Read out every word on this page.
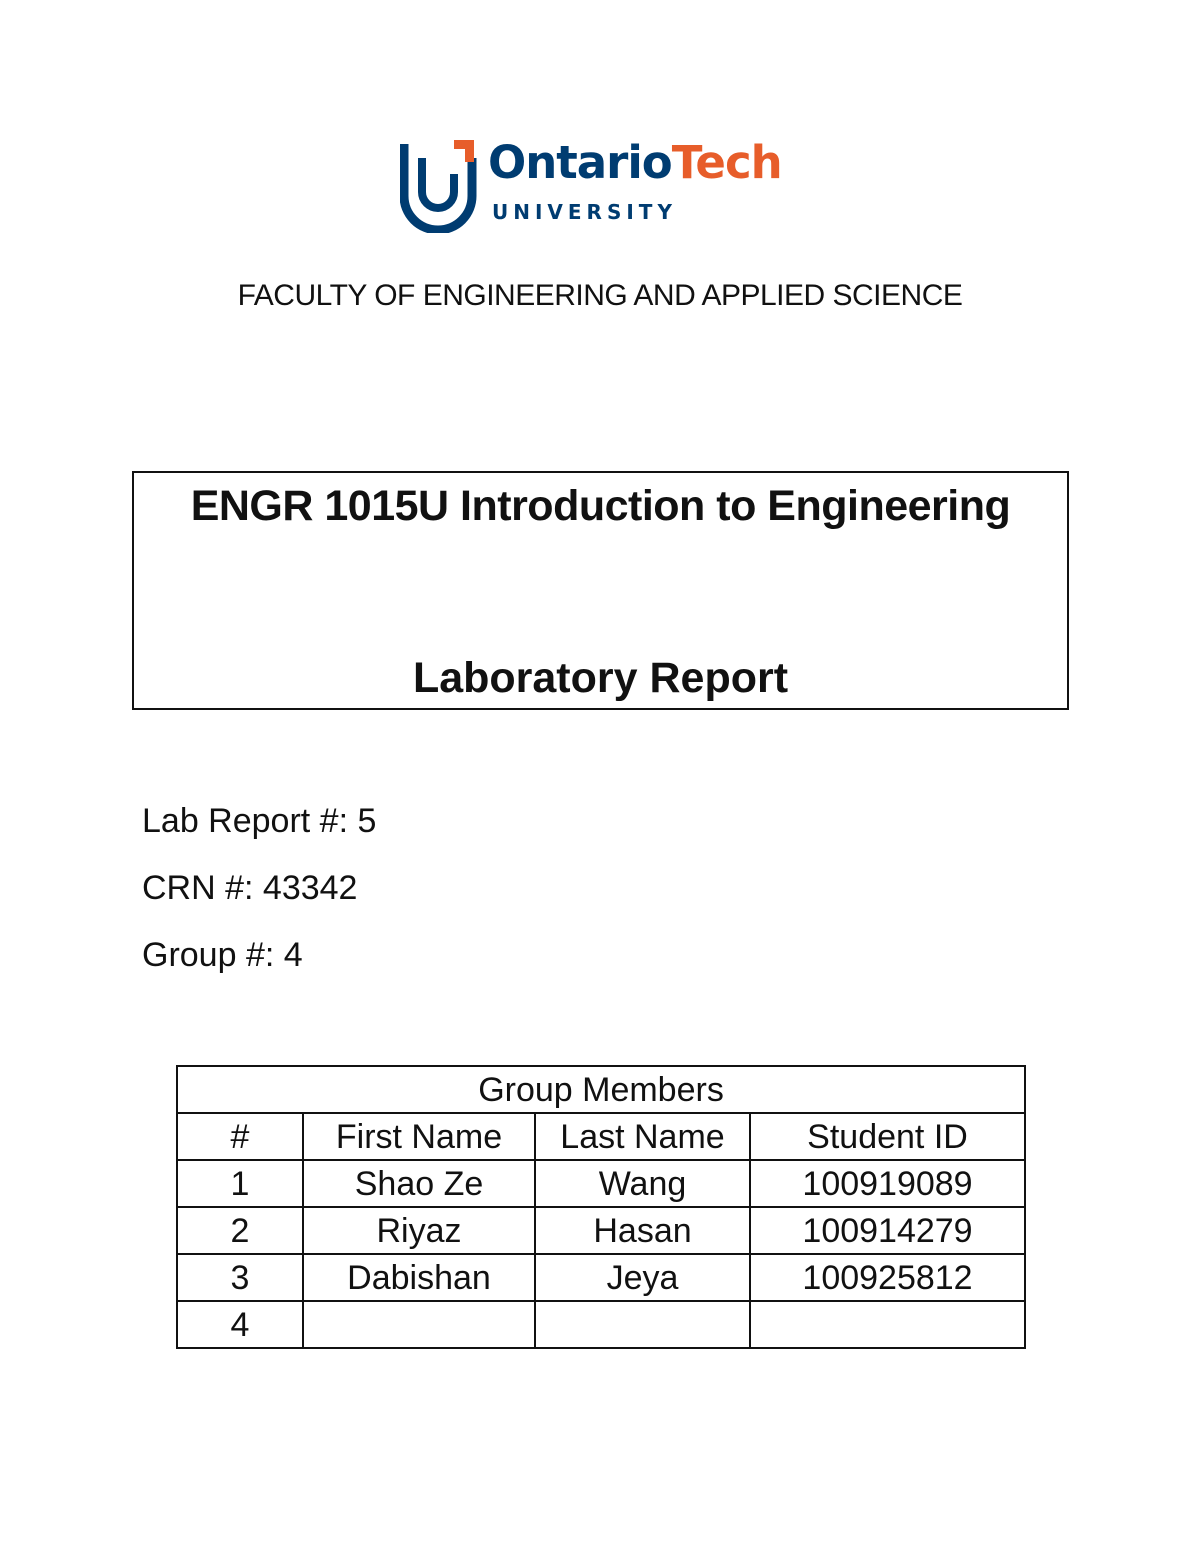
OntarioTech
UNIVERSITY
FACULTY OF ENGINEERING AND APPLIED SCIENCE
ENGR 1015U Introduction to Engineering
Laboratory Report
Lab Report #: 5
CRN #: 43342
Group #: 4
Group Members			
#	First Name	Last Name	Student ID
1	Shao Ze	Wang	100919089
2	Riyaz	Hasan	100914279
3	Dabishan	Jeya	100925812
4			
